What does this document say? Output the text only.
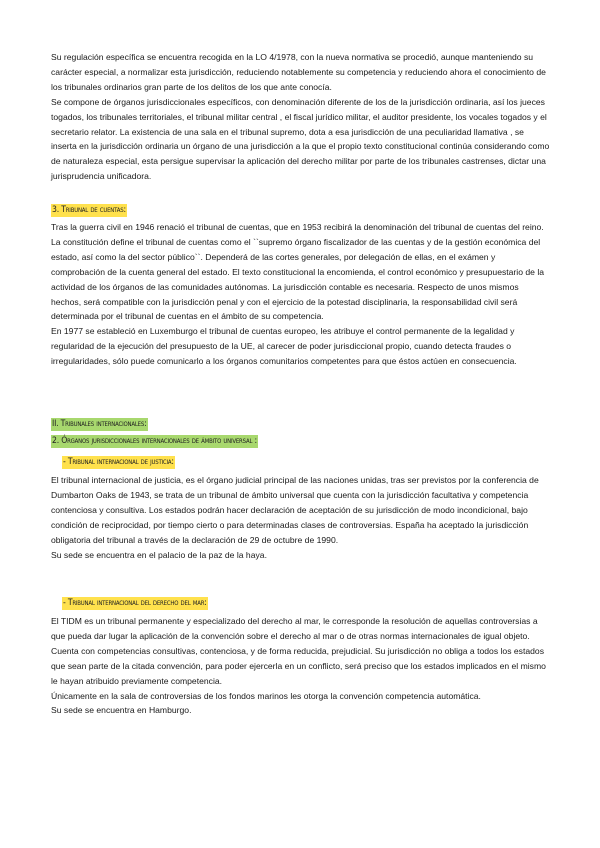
Su regulación específica se encuentra recogida en la LO 4/1978, con la nueva normativa se procedió, aunque manteniendo su carácter especial, a normalizar esta jurisdicción, reduciendo notablemente su competencia y reduciendo ahora el conocimiento de los tribunales ordinarios gran parte de los delitos de los que ante conocía.

Se compone de órganos jurisdiccionales específicos, con denominación diferente de los de la jurisdicción ordinaria, así los jueces togados, los tribunales territoriales, el tribunal militar central , el fiscal jurídico militar, el auditor presidente, los vocales togados y el secretario relator. La existencia de una sala en el tribunal supremo, dota a esa jurisdicción de una peculiaridad llamativa , se inserta en la jurisdicción ordinaria un órgano de una jurisdicción a la que el propio texto constitucional continúa considerando como de naturaleza especial, esta persigue supervisar la aplicación del derecho militar por parte de los tribunales castrenses, dictar una jurisprudencia unificadora.

3. Tribunal de cuentas:

Tras la guerra civil en 1946 renació el tribunal de cuentas, que en 1953 recibirá la denominación del tribunal de cuentas del reino. La constitución define el tribunal de cuentas como el ``supremo órgano fiscalizador de las cuentas y de la gestión económica del estado, así como la del sector público``. Dependerá de las cortes generales, por delegación de ellas, en el exámen y comprobación de la cuenta general del estado. El texto constitucional la encomienda, el control económico y presupuestario de la actividad de los órganos de las comunidades autónomas. La jurisdicción contable es necesaria. Respecto de unos mismos hechos, será compatible con la jurisdicción penal y con el ejercicio de la potestad disciplinaria, la responsabilidad civil será determinada por el tribunal de cuentas en el ámbito de su competencia.

En 1977 se estableció en Luxemburgo el tribunal de cuentas europeo, les atribuye el control permanente de la legalidad y regularidad de la ejecución del presupuesto de la UE, al carecer de poder jurisdiccional propio, cuando detecta fraudes o irregularidades, sólo puede comunicarlo a los órganos comunitarios competentes para que éstos actúen en consecuencia.

II. Tribunales internacionales:
2. Órganos jurisdiccionales internacionales de ámbito universal :
- Tribunal internacional de justicia:

El tribunal internacional de justicia, es el órgano judicial principal de las naciones unidas, tras ser previstos por la conferencia de Dumbarton Oaks de 1943, se trata de un tribunal de ámbito universal que cuenta con la jurisdicción facultativa y competencia contenciosa y consultiva. Los estados podrán hacer declaración de aceptación de su jurisdicción de modo incondicional, bajo condición de reciprocidad, por tiempo cierto o para determinadas clases de controversias. España ha aceptado la jurisdicción obligatoria del tribunal a través de la declaración de 29 de octubre de 1990.

Su sede se encuentra en el palacio de la paz de la haya.

- Tribunal internacional del derecho del mar:

El TIDM es un tribunal permanente y especializado del derecho al mar, le corresponde la resolución de aquellas controversias a que pueda dar lugar la aplicación de la convención sobre el derecho al mar o de otras normas internacionales de igual objeto. Cuenta con competencias consultivas, contenciosa, y de forma reducida, prejudicial. Su jurisdicción no obliga a todos los estados que sean parte de la citada convención, para poder ejercerla en un conflicto, será preciso que los estados implicados en el mismo le hayan atribuido previamente competencia.

Únicamente en la sala de controversias de los fondos marinos les otorga la convención competencia automática.

Su sede se encuentra en Hamburgo.
